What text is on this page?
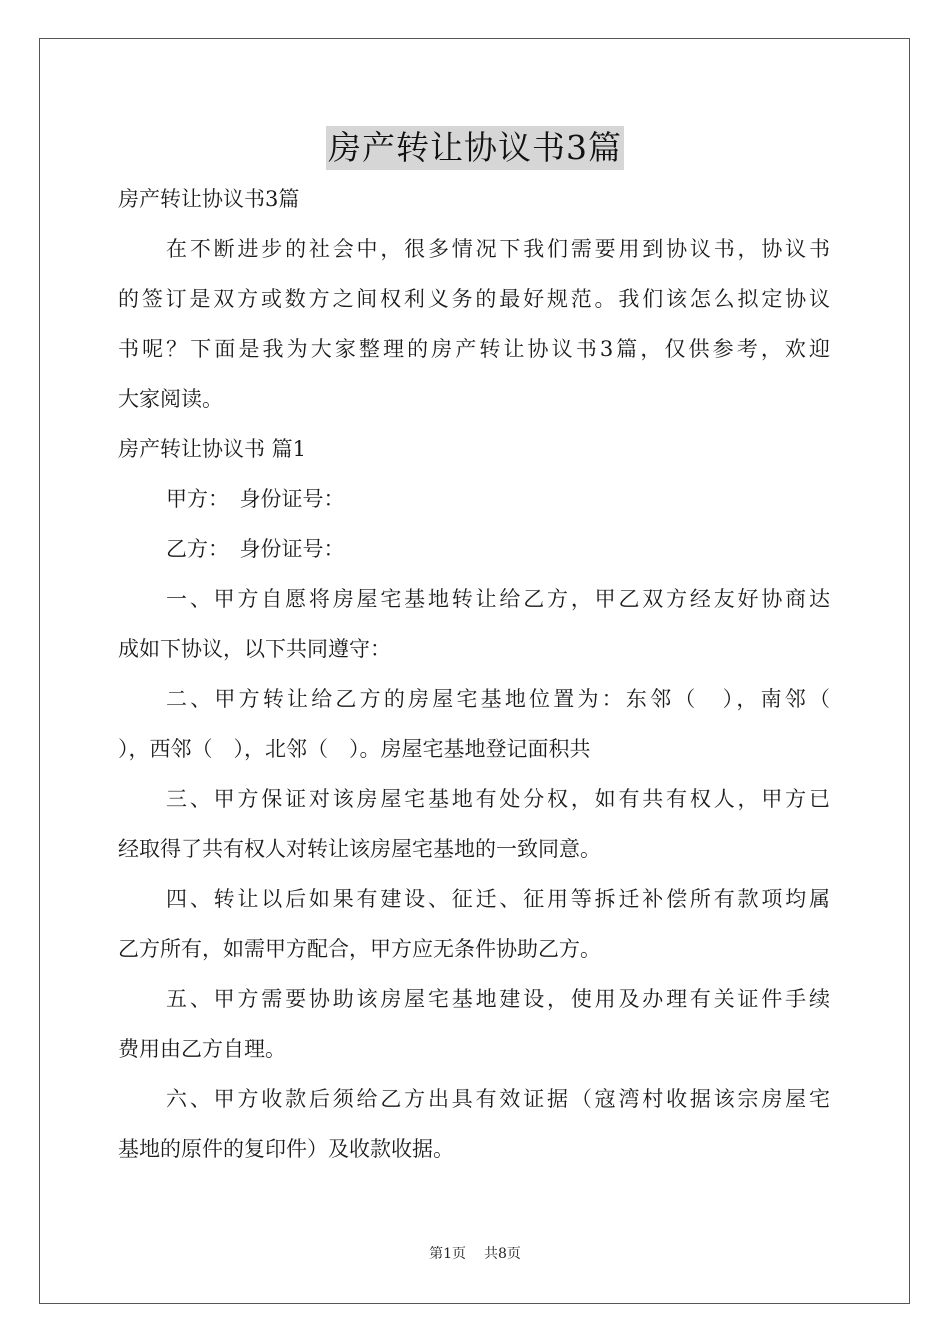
房产转让协议书3篇
房产转让协议书3篇
在不断进步的社会中，很多情况下我们需要用到协议书，协议书
的签订是双方或数方之间权利义务的最好规范。我们该怎么拟定协议
书呢？下面是我为大家整理的房产转让协议书3篇，仅供参考，欢迎
大家阅读。
房产转让协议书 篇1
甲方：　身份证号：
乙方：　身份证号：
一、甲方自愿将房屋宅基地转让给乙方，甲乙双方经友好协商达
成如下协议，以下共同遵守：
二、甲方转让给乙方的房屋宅基地位置为：东邻（　），南邻（
），西邻（　），北邻（　）。房屋宅基地登记面积共
三、甲方保证对该房屋宅基地有处分权，如有共有权人，甲方已
经取得了共有权人对转让该房屋宅基地的一致同意。
四、转让以后如果有建设、征迁、征用等拆迁补偿所有款项均属
乙方所有，如需甲方配合，甲方应无条件协助乙方。
五、甲方需要协助该房屋宅基地建设，使用及办理有关证件手续
费用由乙方自理。
六、甲方收款后须给乙方出具有效证据（寇湾村收据该宗房屋宅
基地的原件的复印件）及收款收据。
第1页 共8页
